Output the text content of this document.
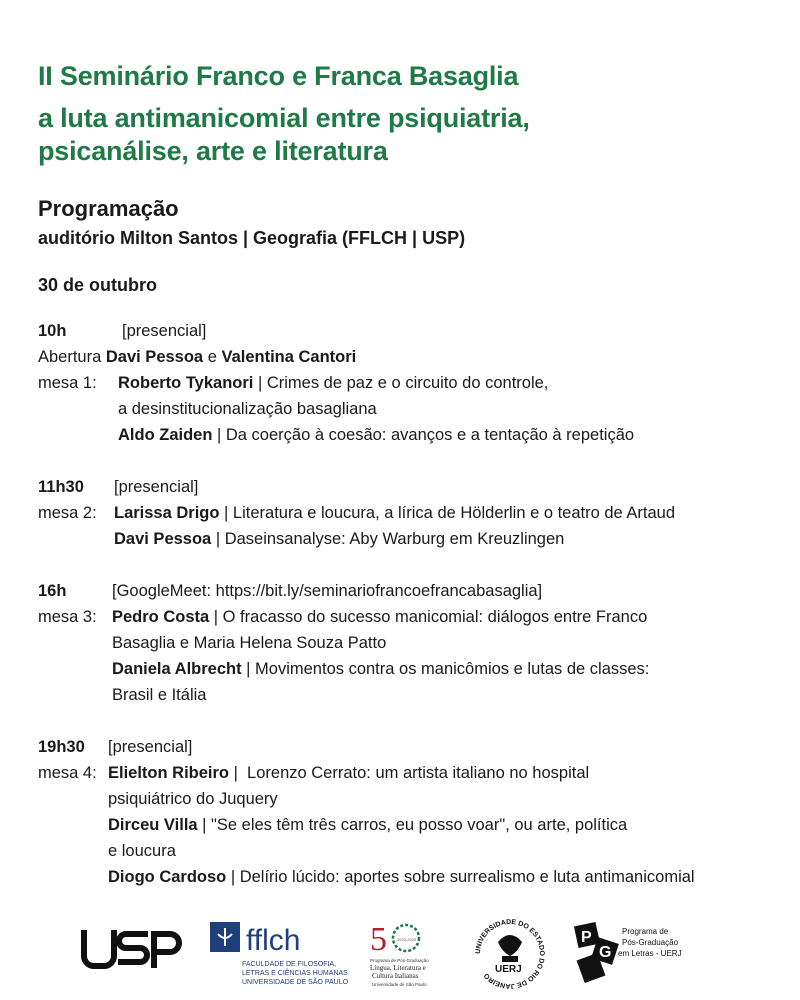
II Seminário Franco e Franca Basaglia
a luta antimanicomial entre psiquiatria,
psicanálise, arte e literatura
Programação
auditório Milton Santos | Geografia (FFLCH | USP)
30 de outubro
10h	[presencial]
Abertura Davi Pessoa e Valentina Cantori
mesa 1:	Roberto Tykanori | Crimes de paz e o circuito do controle,
a desinstitucionalização basagliana
Aldo Zaiden | Da coerção à coesão: avanços e a tentação à repetição
11h30	[presencial]
mesa 2:	Larissa Drigo | Literatura e loucura, a lírica de Hölderlin e o teatro de Artaud
Davi Pessoa | Daseinsanalyse: Aby Warburg em Kreuzlingen
16h	[GoogleMeet: https://bit.ly/seminariofrancoefrancabasaglia]
mesa 3: Pedro Costa | O fracasso do sucesso manicomial: diálogos entre Franco
Basaglia e Maria Helena Souza Patto
Daniela Albrecht | Movimentos contra os manicômios e lutas de classes:
Brasil e Itália
19h30	[presencial]
mesa 4: Elielton Ribeiro |  Lorenzo Cerrato: um artista italiano no hospital
psiquiátrico do Juquery
Dirceu Villa | "Se eles têm três carros, eu posso voar", ou arte, política
e loucura
Diogo Cardoso | Delírio lúcido: aportes sobre surrealismo e luta antimanicomial
USP
fflch
FACULDADE DE FILOSOFIA,
LETRAS E CIÊNCIAS HUMANAS
UNIVERSIDADE DE SÃO PAULO
5	1970-2020
Programa de Pós-Graduação
Língua, Literatura e
Cultura Italianas
Universidade de São Paulo
UNIVERSIDADE DO ESTADO DO RIO DE JANEIRO
UERJ
P
G
Programa de
Pós-Graduação
em Letras - UERJ
